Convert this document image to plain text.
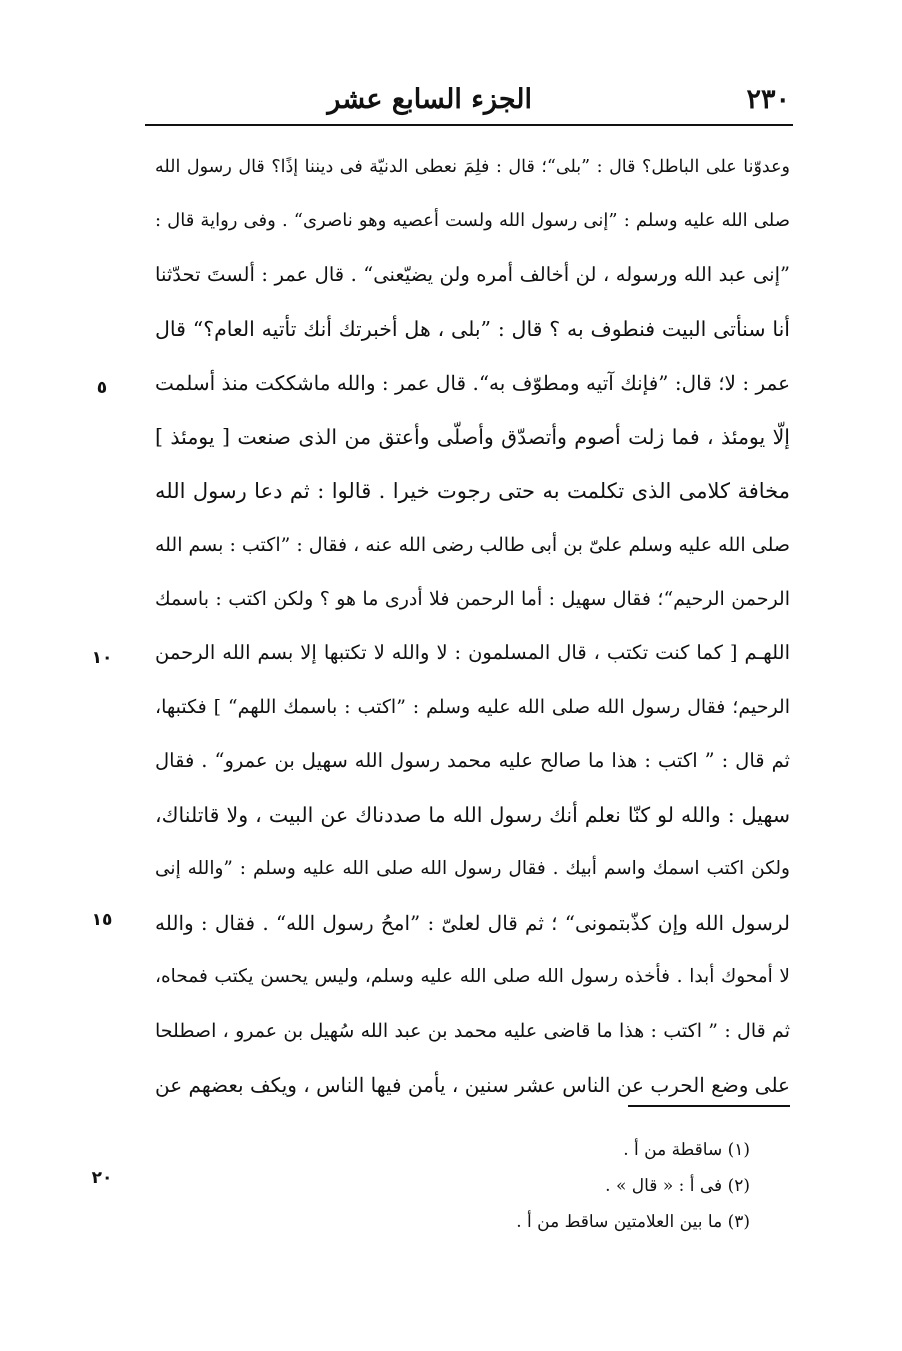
٢٣٠
الجزء السابع عشر
وعدوّنا على الباطل؟ قال : ”بلى“؛ قال : فلِمَ نعطى الدنيّة فى ديننا إذًا؟ قال رسول الله
صلى الله عليه وسلم : ”إنى رسول الله ولست أعصيه وهو ناصرى“ . وفى رواية قال :
”إنى عبد الله ورسوله ، لن أخالف أمره ولن يضيّعنى“ . قال عمر : ألستَ تحدّثنا
أنا سنأتى البيت فنطوف به ؟ قال : ”بلى ، هل أخبرتك أنك تأتيه العام؟“ قال
عمر : لا؛ قال: ”فإنك آتيه ومطوّف به“. قال عمر : والله ماشككت منذ أسلمت
إلّا يومئذ ، فما زلت أصوم وأتصدّق وأصلّى وأعتق من الذى صنعت [ يومئذ ]
مخافة كلامى الذى تكلمت به حتى رجوت خيرا . قالوا : ثم دعا رسول الله
صلى الله عليه وسلم علىّ بن أبى طالب رضى الله عنه ، فقال : ”اكتب : بسم الله
الرحمن الرحيم“؛ فقال سهيل : أما الرحمن فلا أدرى ما هو ؟ ولكن اكتب : باسمك
اللهـم [ كما كنت تكتب ، قال المسلمون : لا والله لا تكتبها إلا بسم الله الرحمن
الرحيم؛ فقال رسول الله صلى الله عليه وسلم : ”اكتب : باسمك اللهم“ ] فكتبها،
ثم قال : ” اكتب : هذا ما صالح عليه محمد رسول الله سهيل بن عمرو“ . فقال
سهيل : والله لو كنّا نعلم أنك رسول الله ما صددناك عن البيت ، ولا قاتلناك،
ولكن اكتب اسمك واسم أبيك . فقال رسول الله صلى الله عليه وسلم : ”والله إنى
لرسول الله وإن كذّبتمونى“ ؛ ثم قال لعلىّ : ”امحُ رسول الله“ . فقال : والله
لا أمحوك أبدا . فأخذه رسول الله صلى الله عليه وسلم، وليس يحسن يكتب فمحاه،
ثم قال : ” اكتب : هذا ما قاضى عليه محمد بن عبد الله سُهيل بن عمرو ، اصطلحا
على وضع الحرب عن الناس عشر سنين ، يأمن فيها الناس ، ويكف بعضهم عن
٥
١٠
١٥
٢٠
(١) ساقطة من أ .
(٢) فى أ : « قال » .
(٣) ما بين العلامتين ساقط من أ .
